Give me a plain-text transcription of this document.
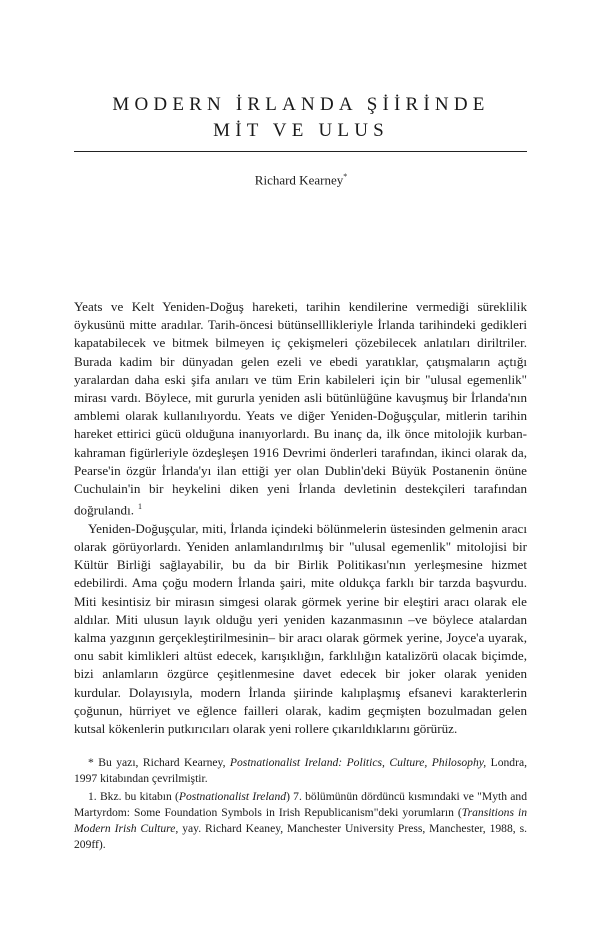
MODERN İRLANDA ŞİİRİNDE
MİT VE ULUS
Richard Kearney*

Yeats ve Kelt Yeniden-Doğuş hareketi, tarihin kendilerine vermediği süreklilik öykusünü mitte aradılar. Tarih-öncesi bütünselllikleriyle İrlanda tarihindeki gedikleri kapatabilecek ve bitmek bilmeyen iç çekişmeleri çözebilecek anlatıları diriltriler. Burada kadim bir dünyadan gelen ezeli ve ebedi yaratıklar, çatışmaların açtığı yaralardan daha eski şifa anıları ve tüm Erin kabileleri için bir "ulusal egemenlik" mirası vardı. Böylece, mit gururla yeniden asli bütünlüğüne kavuşmuş bir İrlanda'nın amblemi olarak kullanılıyordu. Yeats ve diğer Yeniden-Doğuşçular, mitlerin tarihin hareket ettirici gücü olduğuna inanıyorlardı. Bu inanç da, ilk önce mitolojik kurban-kahraman figürleriyle özdeşleşen 1916 Devrimi önderleri tarafından, ikinci olarak da, Pearse'in özgür İrlanda'yı ilan ettiği yer olan Dublin'deki Büyük Postanenin önüne Cuchulain'in bir heykelini diken yeni İrlanda devletinin destekçileri tarafından doğrulandı. $^1$

Yeniden-Doğuşçular, miti, İrlanda içindeki bölünmelerin üstesinden gelmenin aracı olarak görüyorlardı. Yeniden anlamlandırılmış bir "ulusal egemenlik" mitolojisi bir Kültür Birliği sağlayabilir, bu da bir Birlik Politikası'nın yerleşmesine hizmet edebilirdi. Ama çoğu modern İrlanda şairi, mite oldukça farklı bir tarzda başvurdu. Miti kesintisiz bir mirasın simgesi olarak görmek yerine bir eleştiri aracı olarak ele aldılar. Miti ulusun layık olduğu yeri yeniden kazanmasının –ve böylece atalardan kalma yazgının gerçekleştirilmesinin– bir aracı olarak görmek yerine, Joyce'a uyarak, onu sabit kimlikleri altüst edecek, karışıklığın, farklılığın katalizörü olacak biçimde, bizi anlamların özgürce çeşitlenmesine davet edecek bir joker olarak yeniden kurdular. Dolayısıyla, modern İrlanda şiirinde kalıplaşmış efsanevi karakterlerin çoğunun, hürriyet ve eğlence failleri olarak, kadim geçmişten bozulmadan gelen kutsal kökenlerin putkırıcıları olarak yeni rollere çıkarıldıklarını görürüz.

* Bu yazı, Richard Kearney, Postnationalist Ireland: Politics, Culture, Philosophy, Londra, 1997 kitabından çevrilmiştir.

1. Bkz. bu kitabın (Postnationalist Ireland) 7. bölümünün dördüncü kısmındaki ve "Myth and Martyrdom: Some Foundation Symbols in Irish Republicanism"deki yorumların (Transitions in Modern Irish Culture, yay. Richard Keaney, Manchester University Press, Manchester, 1988, s. 209ff).
